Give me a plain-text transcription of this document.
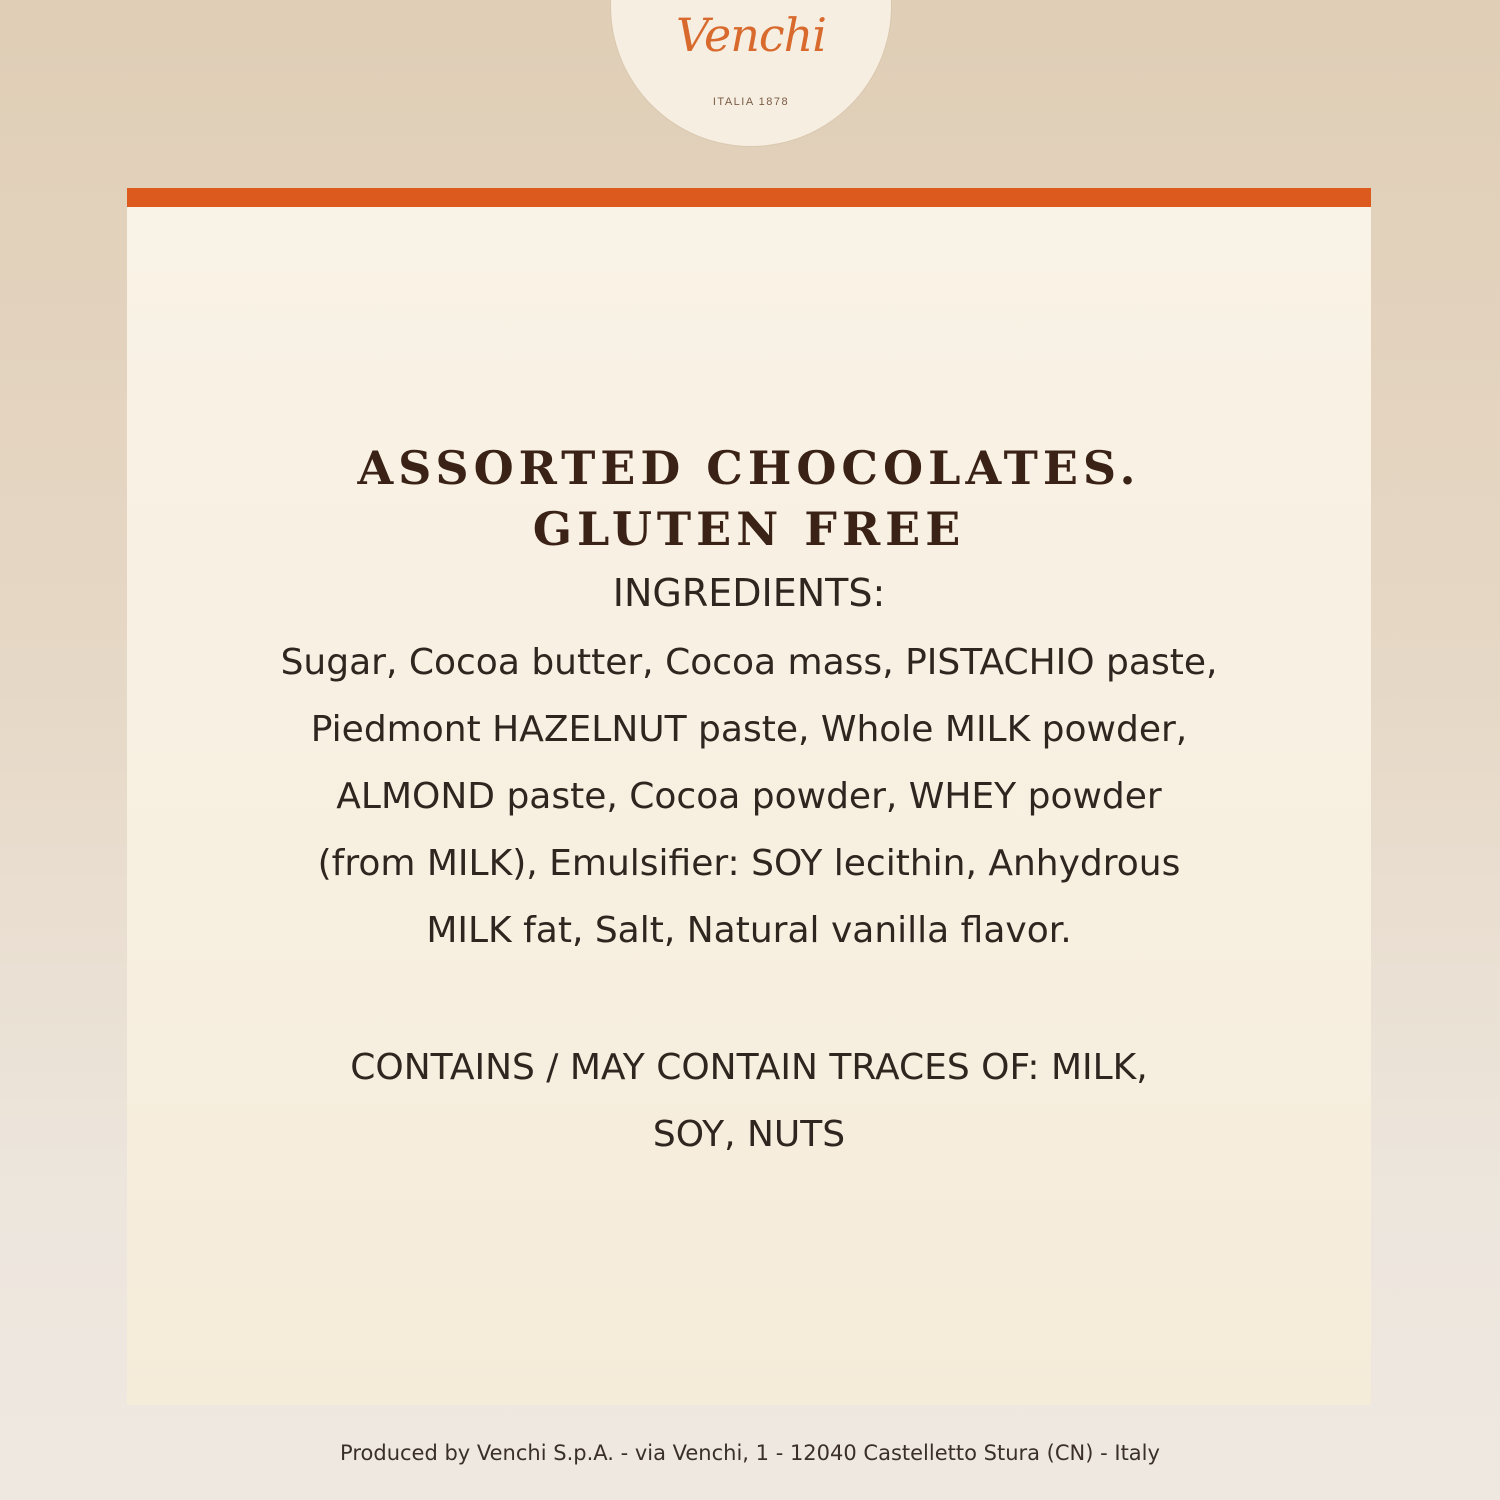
Venchi
ITALIA 1878
ASSORTED CHOCOLATES.
GLUTEN FREE
INGREDIENTS:
Sugar, Cocoa butter, Cocoa mass, PISTACHIO paste,
Piedmont HAZELNUT paste, Whole MILK powder,
ALMOND paste, Cocoa powder, WHEY powder
(from MILK), Emulsifier: SOY lecithin, Anhydrous
MILK fat, Salt, Natural vanilla flavor.
CONTAINS / MAY CONTAIN TRACES OF: MILK,
SOY, NUTS
Produced by Venchi S.p.A. - via Venchi, 1 - 12040 Castelletto Stura (CN) - Italy
